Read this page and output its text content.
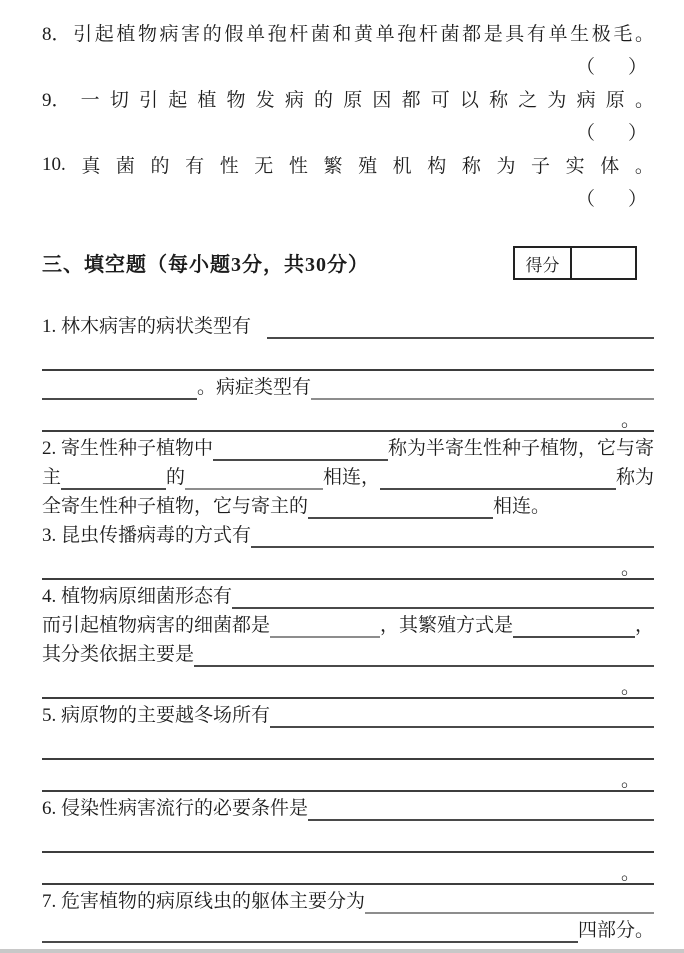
8． 引 起 植 物 病 害 的 假 单 孢 杆 菌 和 黄 单 孢 杆 菌 都 是 具 有 单 生 极 毛 。
（　）
9． 一 切 引 起 植 物 发 病 的 原 因 都 可 以 称 之 为 病 原 。
（　）
10. 真 菌 的 有 性 无 性 繁 殖 机 构 称 为 子 实 体 。
（　）
三、填空题（每小题3分，共30分）	得分
1. 林木病害的病状类型有
。病症类型有
。
2. 寄生性种子植物中	称为半寄生性种子植物，它与寄
主	的	相连，	称为
全寄生性种子植物，它与寄主的	相连。
3. 昆虫传播病毒的方式有
。
4. 植物病原细菌形态有
而引起植物病害的细菌都是	，其繁殖方式是	，
其分类依据主要是
。
5. 病原物的主要越冬场所有
。
6. 侵染性病害流行的必要条件是
。
7. 危害植物的病原线虫的躯体主要分为
四部分。
